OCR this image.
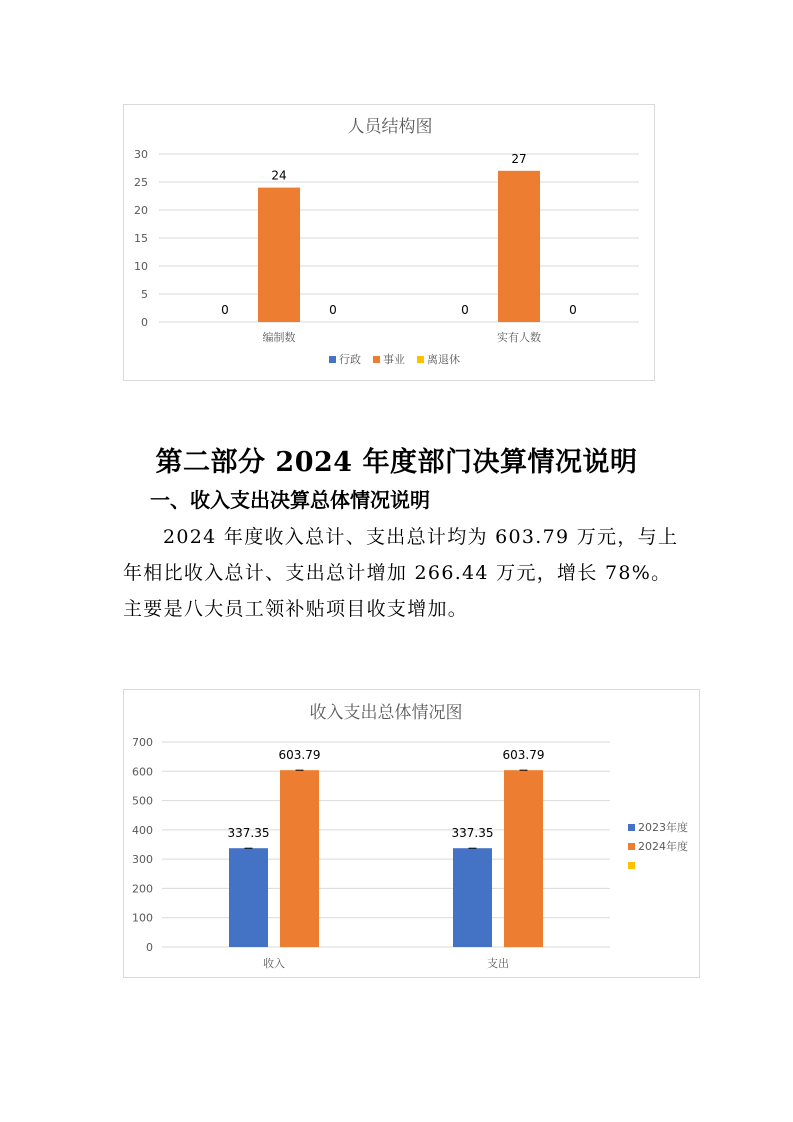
人员结构图
0
5
10
15
20
25
30
编制数
0
24
0
实有人数
0
27
0
行政 事业 离退休
第二部分 2024 年度部门决算情况说明
一、收入支出决算总体情况说明
2024 年度收入总计、支出总计均为 603.79 万元，与上年相比收入总计、支出总计增加 266.44 万元，增长 78%。主要是八大员工领补贴项目收支增加。
收入支出总体情况图
0
100
200
300
400
500
600
700
收入
337.35
603.79
支出
337.35
603.79
2023年度
2024年度
